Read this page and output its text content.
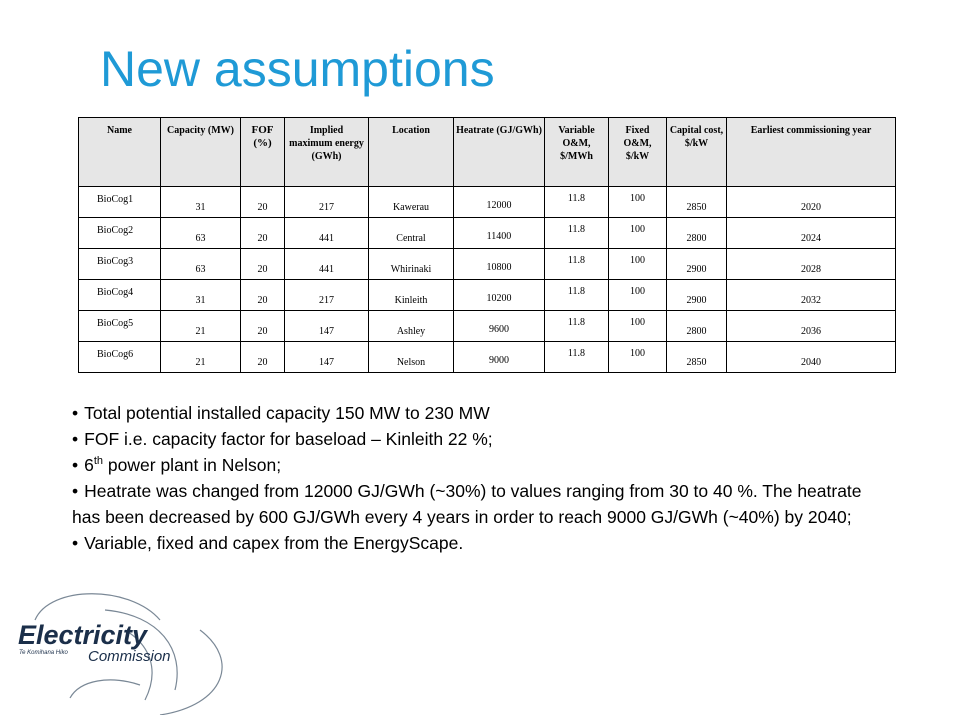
New assumptions
Name	Capacity (MW)	FOF (%)	Implied maximum energy (GWh)	Location	Heatrate (GJ/GWh)	Variable O&M, $/MWh	Fixed O&M, $/kW	Capital cost, $/kW	Earliest commissioning year
BioCog1	31	20	217	Kawerau	12000	11.8	100	2850	2020
BioCog2	63	20	441	Central	11400	11.8	100	2800	2024
BioCog3	63	20	441	Whirinaki	10800	11.8	100	2900	2028
BioCog4	31	20	217	Kinleith	10200	11.8	100	2900	2032
BioCog5	21	20	147	Ashley	9600	11.8	100	2800	2036
BioCog6	21	20	147	Nelson	9000	11.8	100	2850	2040
• Total potential installed capacity 150 MW to 230 MW
• FOF i.e. capacity factor for baseload – Kinleith 22 %;
• 6th power plant in Nelson;
• Heatrate was changed from 12000 GJ/GWh (~30%) to values ranging from 30 to 40 %. The heatrate has been decreased by 600 GJ/GWh every 4 years in order to reach 9000 GJ/GWh (~40%) by 2040;
• Variable, fixed and capex from the EnergyScape.
Electricity
Te Komihana Hiko Commission
